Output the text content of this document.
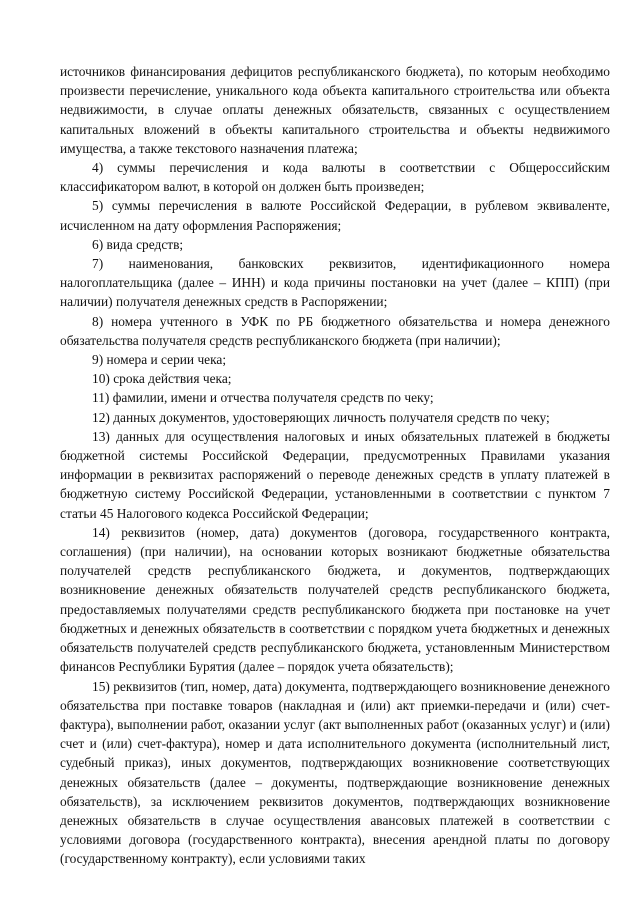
источников финансирования дефицитов республиканского бюджета), по которым необходимо произвести перечисление, уникального кода объекта капитального строительства или объекта недвижимости, в случае оплаты денежных обязательств, связанных с осуществлением капитальных вложений в объекты капитального строительства и объекты недвижимого имущества, а также текстового назначения платежа;

4) суммы перечисления и кода валюты в соответствии с Общероссийским классификатором валют, в которой он должен быть произведен;

5) суммы перечисления в валюте Российской Федерации, в рублевом эквиваленте, исчисленном на дату оформления Распоряжения;

6) вида средств;

7) наименования, банковских реквизитов, идентификационного номера налогоплательщика (далее – ИНН) и кода причины постановки на учет (далее – КПП) (при наличии) получателя денежных средств в Распоряжении;

8) номера учтенного в УФК по РБ бюджетного обязательства и номера денежного обязательства получателя средств республиканского бюджета (при наличии);

9) номера и серии чека;

10) срока действия чека;

11) фамилии, имени и отчества получателя средств по чеку;

12) данных документов, удостоверяющих личность получателя средств по чеку;

13) данных для осуществления налоговых и иных обязательных платежей в бюджеты бюджетной системы Российской Федерации, предусмотренных Правилами указания информации в реквизитах распоряжений о переводе денежных средств в уплату платежей в бюджетную систему Российской Федерации, установленными в соответствии с пунктом 7 статьи 45 Налогового кодекса Российской Федерации;

14) реквизитов (номер, дата) документов (договора, государственного контракта, соглашения) (при наличии), на основании которых возникают бюджетные обязательства получателей средств республиканского бюджета, и документов, подтверждающих возникновение денежных обязательств получателей средств республиканского бюджета, предоставляемых получателями средств республиканского бюджета при постановке на учет бюджетных и денежных обязательств в соответствии с порядком учета бюджетных и денежных обязательств получателей средств республиканского бюджета, установленным Министерством финансов Республики Бурятия (далее – порядок учета обязательств);

15) реквизитов (тип, номер, дата) документа, подтверждающего возникновение денежного обязательства при поставке товаров (накладная и (или) акт приемки-передачи и (или) счет-фактура), выполнении работ, оказании услуг (акт выполненных работ (оказанных услуг) и (или) счет и (или) счет-фактура), номер и дата исполнительного документа (исполнительный лист, судебный приказ), иных документов, подтверждающих возникновение соответствующих денежных обязательств (далее – документы, подтверждающие возникновение денежных обязательств), за исключением реквизитов документов, подтверждающих возникновение денежных обязательств в случае осуществления авансовых платежей в соответствии с условиями договора (государственного контракта), внесения арендной платы по договору (государственному контракту), если условиями таких
